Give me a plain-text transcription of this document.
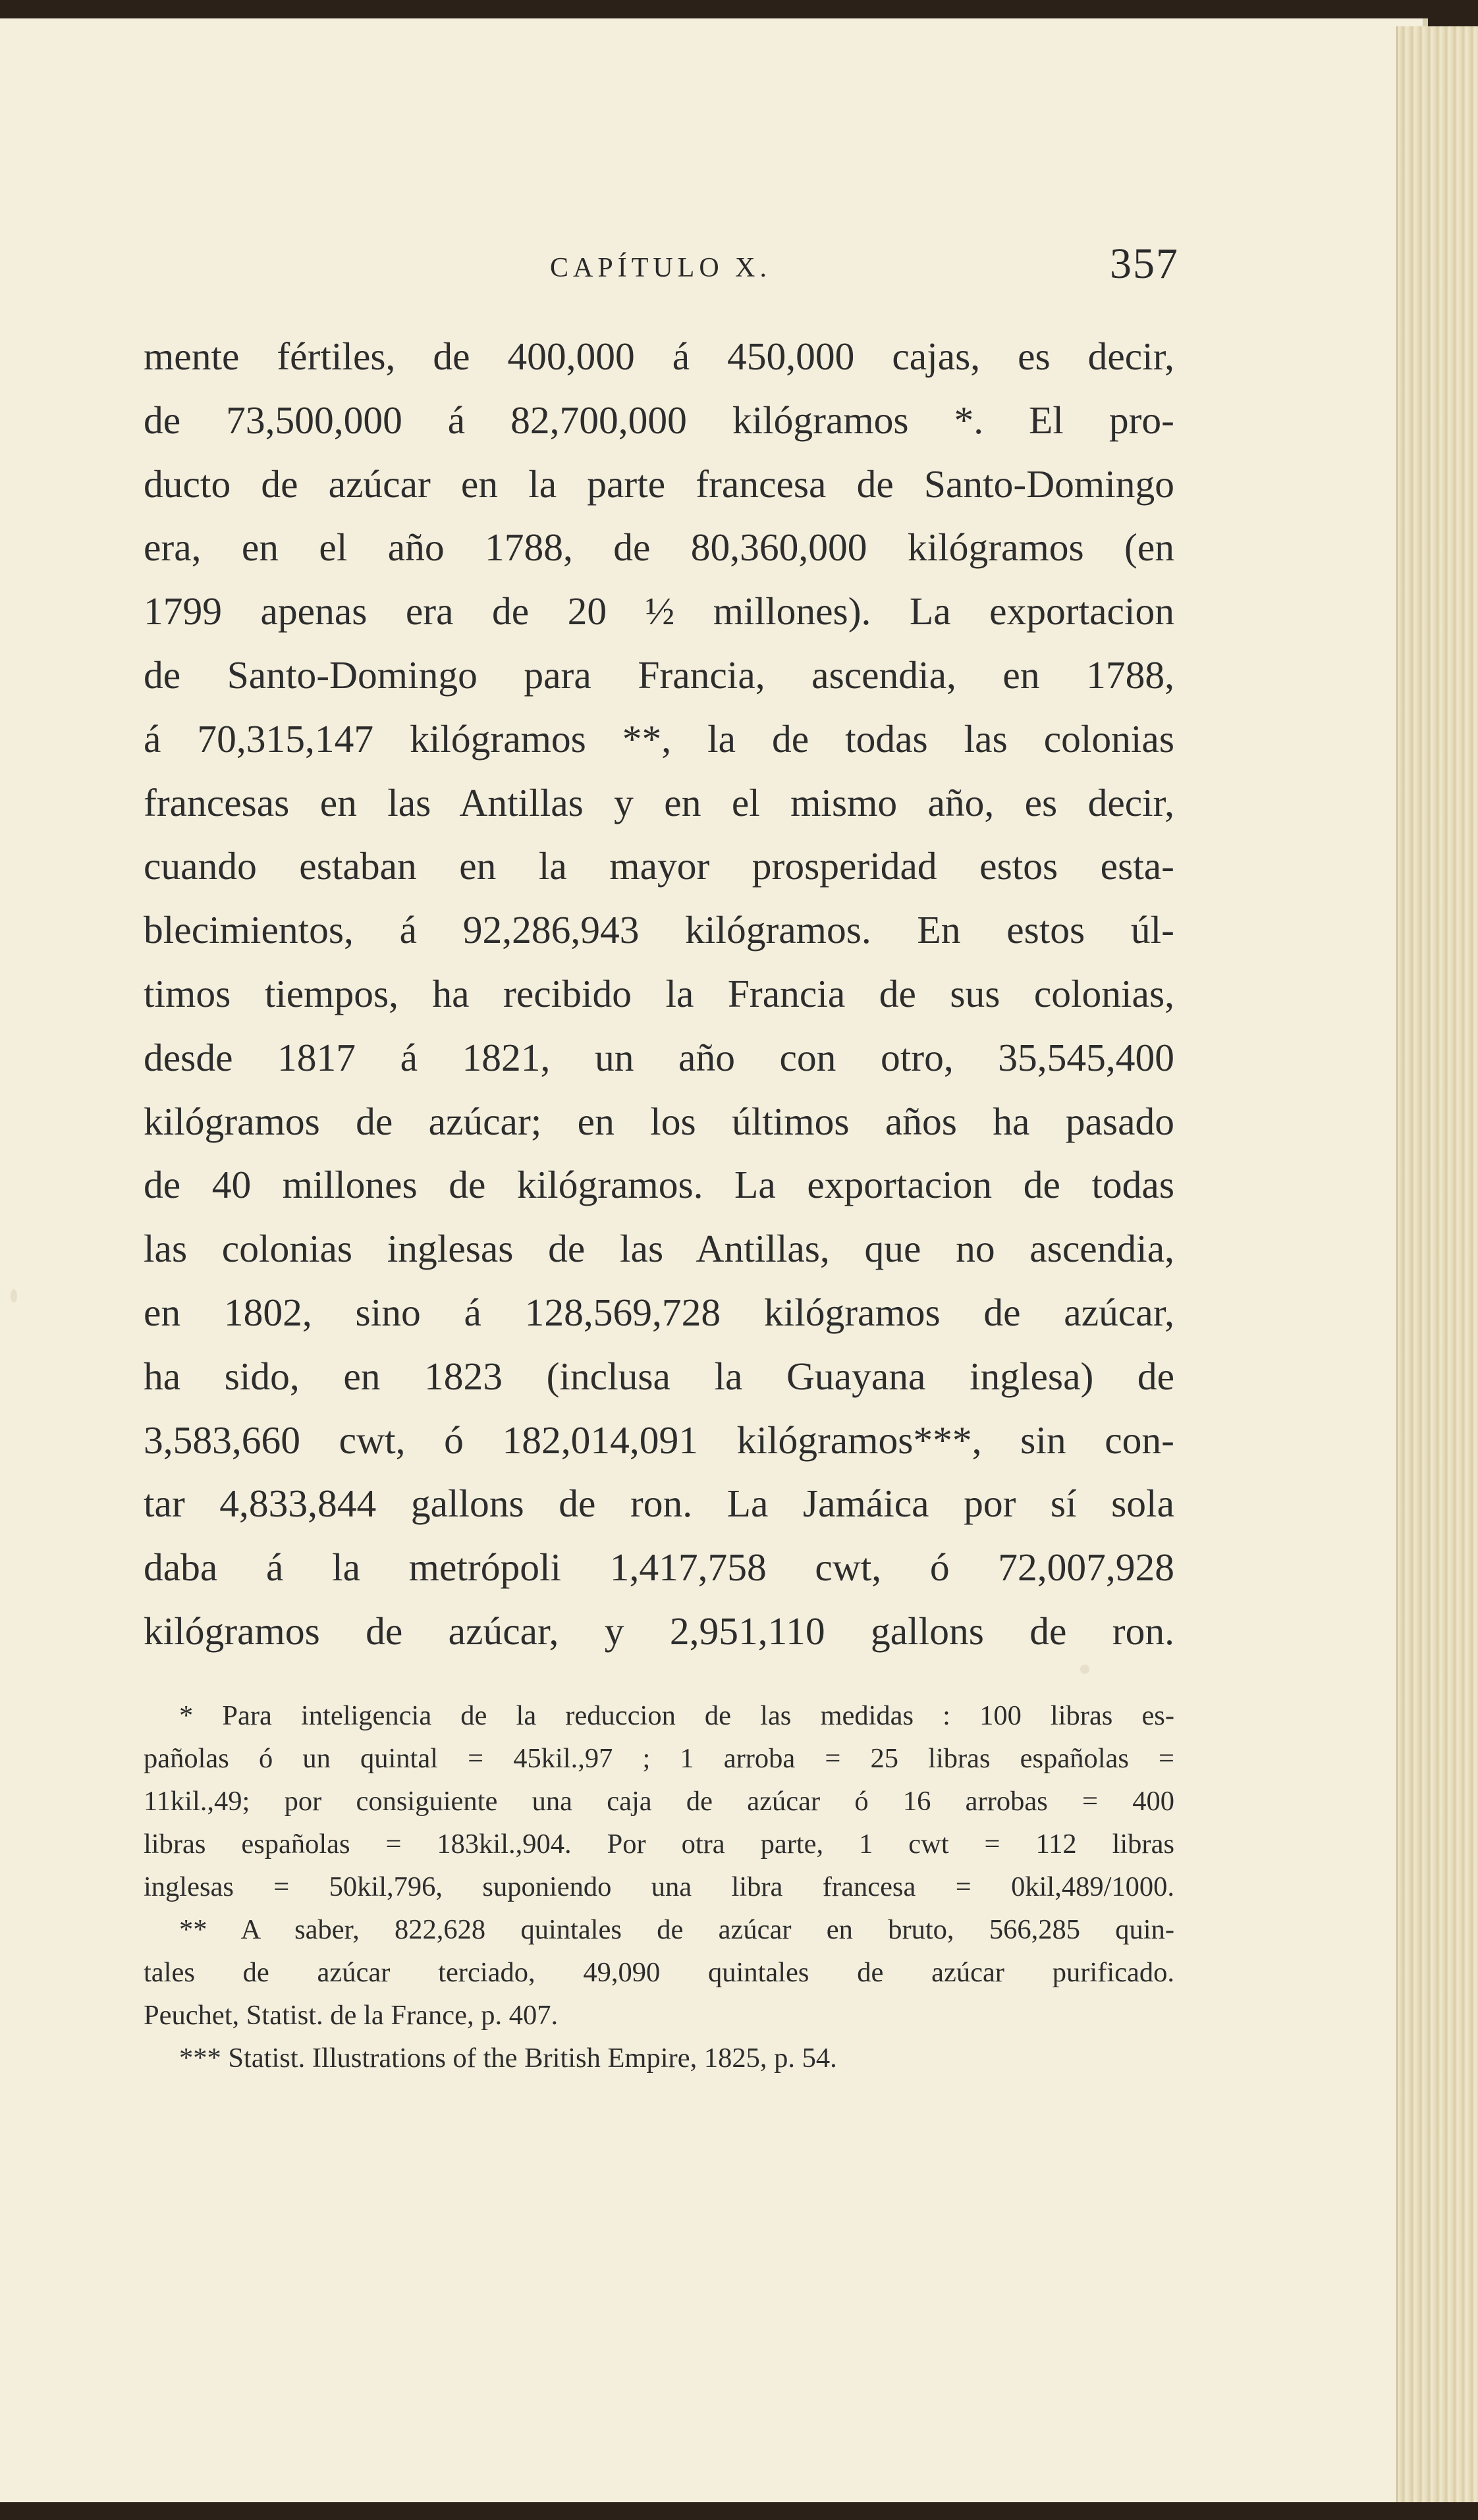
CAPÍTULO X.	357
mente fértiles, de 400,000 á 450,000 cajas, es decir,
de 73,500,000 á 82,700,000 kilógramos *. El pro-
ducto de azúcar en la parte francesa de Santo-Domingo
era, en el año 1788, de 80,360,000 kilógramos (en
1799 apenas era de 20 ½ millones). La exportacion
de Santo-Domingo para Francia, ascendia, en 1788,
á 70,315,147 kilógramos **, la de todas las colonias
francesas en las Antillas y en el mismo año, es decir,
cuando estaban en la mayor prosperidad estos esta-
blecimientos, á 92,286,943 kilógramos. En estos úl-
timos tiempos, ha recibido la Francia de sus colonias,
desde 1817 á 1821, un año con otro, 35,545,400
kilógramos de azúcar; en los últimos años ha pasado
de 40 millones de kilógramos. La exportacion de todas
las colonias inglesas de las Antillas, que no ascendia,
en 1802, sino á 128,569,728 kilógramos de azúcar,
ha sido, en 1823 (inclusa la Guayana inglesa) de
3,583,660 cwt, ó 182,014,091 kilógramos***, sin con-
tar 4,833,844 gallons de ron. La Jamáica por sí sola
daba á la metrópoli 1,417,758 cwt, ó 72,007,928
kilógramos de azúcar, y 2,951,110 gallons de ron.
* Para inteligencia de la reduccion de las medidas : 100 libras es-
pañolas ó un quintal = 45kil.,97 ; 1 arroba = 25 libras españolas =
11kil.,49; por consiguiente una caja de azúcar ó 16 arrobas = 400
libras españolas = 183kil.,904. Por otra parte, 1 cwt = 112 libras
inglesas = 50kil,796, suponiendo una libra francesa = 0kil,489/1000.
** A saber, 822,628 quintales de azúcar en bruto, 566,285 quin-
tales de azúcar terciado, 49,090 quintales de azúcar purificado.
Peuchet, Statist. de la France, p. 407.
*** Statist. Illustrations of the British Empire, 1825, p. 54.
